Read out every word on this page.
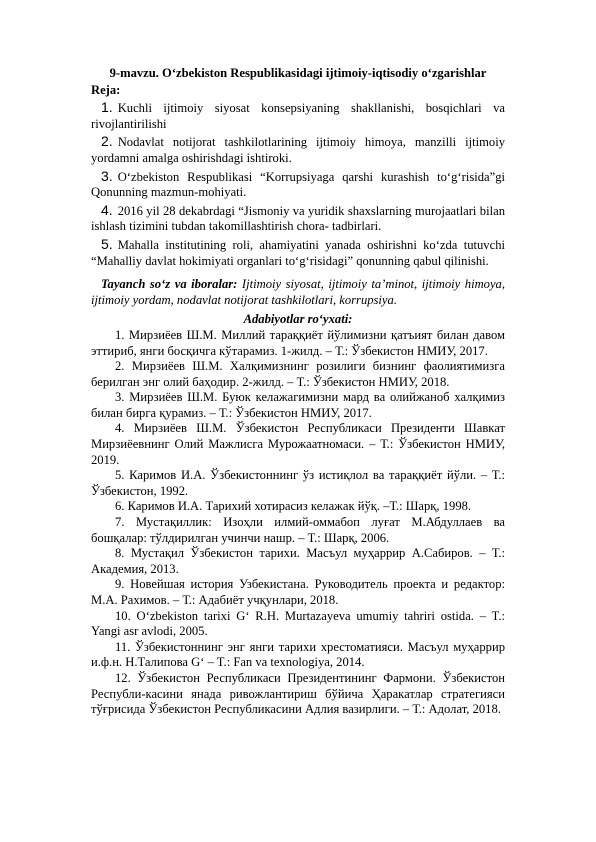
9-mavzu. O‘zbekiston Respublikasidagi ijtimoiy-iqtisodiy o‘zgarishlar

Reja:

1. Kuchli ijtimoiy siyosat konsepsiyaning shakllanishi, bosqichlari va rivojlantirilishi

2. Nodavlat notijorat tashkilotlarining ijtimoiy himoya, manzilli ijtimoiy yordamni amalga oshirishdagi ishtiroki.

3. O‘zbekiston Respublikasi “Korrupsiyaga qarshi kurashish to‘g‘risida”gi Qonunning mazmun-mohiyati.

4. 2016 yil 28 dekabrdagi “Jismoniy va yuridik shaxslarning murojaatlari bilan ishlash tizimini tubdan takomillashtirish chora- tadbirlari.

5. Mahalla institutining roli, ahamiyatini yanada oshirishni ko‘zda tutuvchi “Mahalliy davlat hokimiyati organlari to‘g‘risidagi” qonunning qabul qilinishi.

Tayanch so‘z va iboralar: Ijtimoiy siyosat, ijtimoiy ta’minot, ijtimoiy himoya, ijtimoiy yordam, nodavlat notijorat tashkilotlari, korrupsiya.

Adabiyotlar ro‘yxati:

1. Мирзиёев Ш.М. Миллий тараққиёт йўлимизни қатъият билан давом эттириб, янги босқичга кўтарамиз. 1-жилд. – Т.: Ўзбекистон НМИУ, 2017.

2. Мирзиёев Ш.М. Халқимизнинг розилиги бизнинг фаолиятимизга берилган энг олий баҳодир. 2-жилд. – Т.: Ўзбекистон НМИУ, 2018.

3. Мирзиёев Ш.М. Буюк келажагимизни мард ва олийжаноб халқимиз билан бирга қурамиз. – Т.: Ўзбекистон НМИУ, 2017.

4. Мирзиёев Ш.М. Ўзбекистон Республикаси Президенти Шавкат Мирзиёевнинг Олий Мажлисга Мурожаатномаси. – Т.: Ўзбекистон НМИУ, 2019.

5. Каримов И.А. Ўзбекистоннинг ўз истиқлол ва тараққиёт йўли. – Т.: Ўзбекистон, 1992.

6. Каримов И.А. Тарихий хотирасиз келажак йўқ. –Т.: Шарқ, 1998.

7. Мустақиллик: Изоҳли илмий-оммабоп луғат М.Абдуллаев ва бошқалар: тўлдирилган учинчи нашр. – Т.: Шарқ, 2006.

8. Мустақил Ўзбекистон тарихи. Масъул муҳаррир А.Сабиров. – Т.: Академия, 2013.

9. Новейшая история Узбекистана. Руководитель проекта и редактор: М.А. Рахимов. – Т.: Адабиёт учқунлари, 2018.

10. O‘zbekiston tarixi G‘ R.H. Murtazayeva umumiy tahriri ostida. – T.: Yangi asr avlodi, 2005.

11. Ўзбекистоннинг энг янги тарихи хрестоматияси. Масъул муҳаррир и.ф.н. Н.Талипова G‘ – T.: Fan va texnologiya, 2014.

12. Ўзбекистон Республикаси Президентининг Фармони. Ўзбекистон Республи-касини янада ривожлантириш бўйича Ҳаракатлар стратегияси тўғрисида Ўзбекистон Республикасини Адлия вазирлиги. – Т.: Адолат, 2018.
